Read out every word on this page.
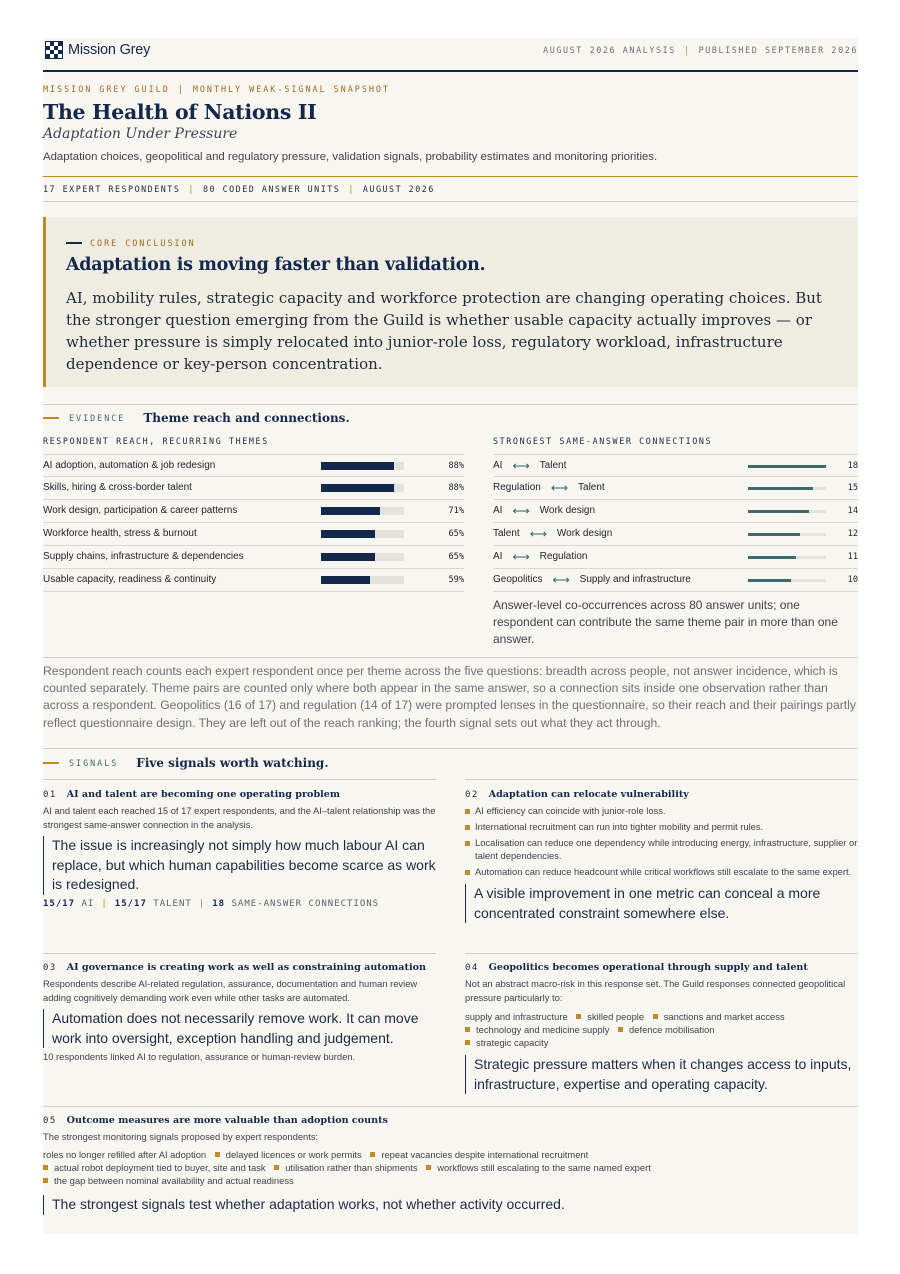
Mission Grey	AUGUST 2026 ANALYSIS | PUBLISHED SEPTEMBER 2026
MISSION GREY GUILD | MONTHLY WEAK-SIGNAL SNAPSHOT
The Health of Nations II
Adaptation Under Pressure
Adaptation choices, geopolitical and regulatory pressure, validation signals, probability estimates and monitoring priorities.
17 EXPERT RESPONDENTS | 80 CODED ANSWER UNITS | AUGUST 2026
CORE CONCLUSION
Adaptation is moving faster than validation.
AI, mobility rules, strategic capacity and workforce protection are changing operating choices. But the stronger question emerging from the Guild is whether usable capacity actually improves — or whether pressure is simply relocated into junior-role loss, regulatory workload, infrastructure dependence or key-person concentration.
EVIDENCE Theme reach and connections.
RESPONDENT REACH, RECURRING THEMES	STRONGEST SAME-ANSWER CONNECTIONS
AI adoption, automation & job redesign	88%
Skills, hiring & cross-border talent	88%
Work design, participation & career patterns	71%
Workforce health, stress & burnout	65%
Supply chains, infrastructure & dependencies	65%
Usable capacity, readiness & continuity	59%
AI ⟷ Talent	18
Regulation ⟷ Talent	15
AI ⟷ Work design	14
Talent ⟷ Work design	12
AI ⟷ Regulation	11
Geopolitics ⟷ Supply and infrastructure	10
Answer-level co-occurrences across 80 answer units; one respondent can contribute the same theme pair in more than one answer.
Respondent reach counts each expert respondent once per theme across the five questions: breadth across people, not answer incidence, which is counted separately. Theme pairs are counted only where both appear in the same answer, so a connection sits inside one observation rather than across a respondent. Geopolitics (16 of 17) and regulation (14 of 17) were prompted lenses in the questionnaire, so their reach and their pairings partly reflect questionnaire design. They are left out of the reach ranking; the fourth signal sets out what they act through.
SIGNALS Five signals worth watching.
01 AI and talent are becoming one operating problem
AI and talent each reached 15 of 17 expert respondents, and the AI–talent relationship was the strongest same-answer connection in the analysis.
The issue is increasingly not simply how much labour AI can replace, but which human capabilities become scarce as work is redesigned.
15/17 AI | 15/17 TALENT | 18 SAME-ANSWER CONNECTIONS
02 Adaptation can relocate vulnerability
AI efficiency can coincide with junior-role loss.
International recruitment can run into tighter mobility and permit rules.
Localisation can reduce one dependency while introducing energy, infrastructure, supplier or talent dependencies.
Automation can reduce headcount while critical workflows still escalate to the same expert.
A visible improvement in one metric can conceal a more concentrated constraint somewhere else.
03 AI governance is creating work as well as constraining automation
Respondents describe AI-related regulation, assurance, documentation and human review adding cognitively demanding work even while other tasks are automated.
Automation does not necessarily remove work. It can move work into oversight, exception handling and judgement.
10 respondents linked AI to regulation, assurance or human-review burden.
04 Geopolitics becomes operational through supply and talent
Not an abstract macro-risk in this response set. The Guild responses connected geopolitical pressure particularly to:
supply and infrastructure skilled people sanctions and market access
technology and medicine supply defence mobilisation
strategic capacity
Strategic pressure matters when it changes access to inputs, infrastructure, expertise and operating capacity.
05 Outcome measures are more valuable than adoption counts
The strongest monitoring signals proposed by expert respondents:
roles no longer refilled after AI adoption delayed licences or work permits repeat vacancies despite international recruitment
actual robot deployment tied to buyer, site and task utilisation rather than shipments workflows still escalating to the same named expert
the gap between nominal availability and actual readiness
The strongest signals test whether adaptation works, not whether activity occurred.
